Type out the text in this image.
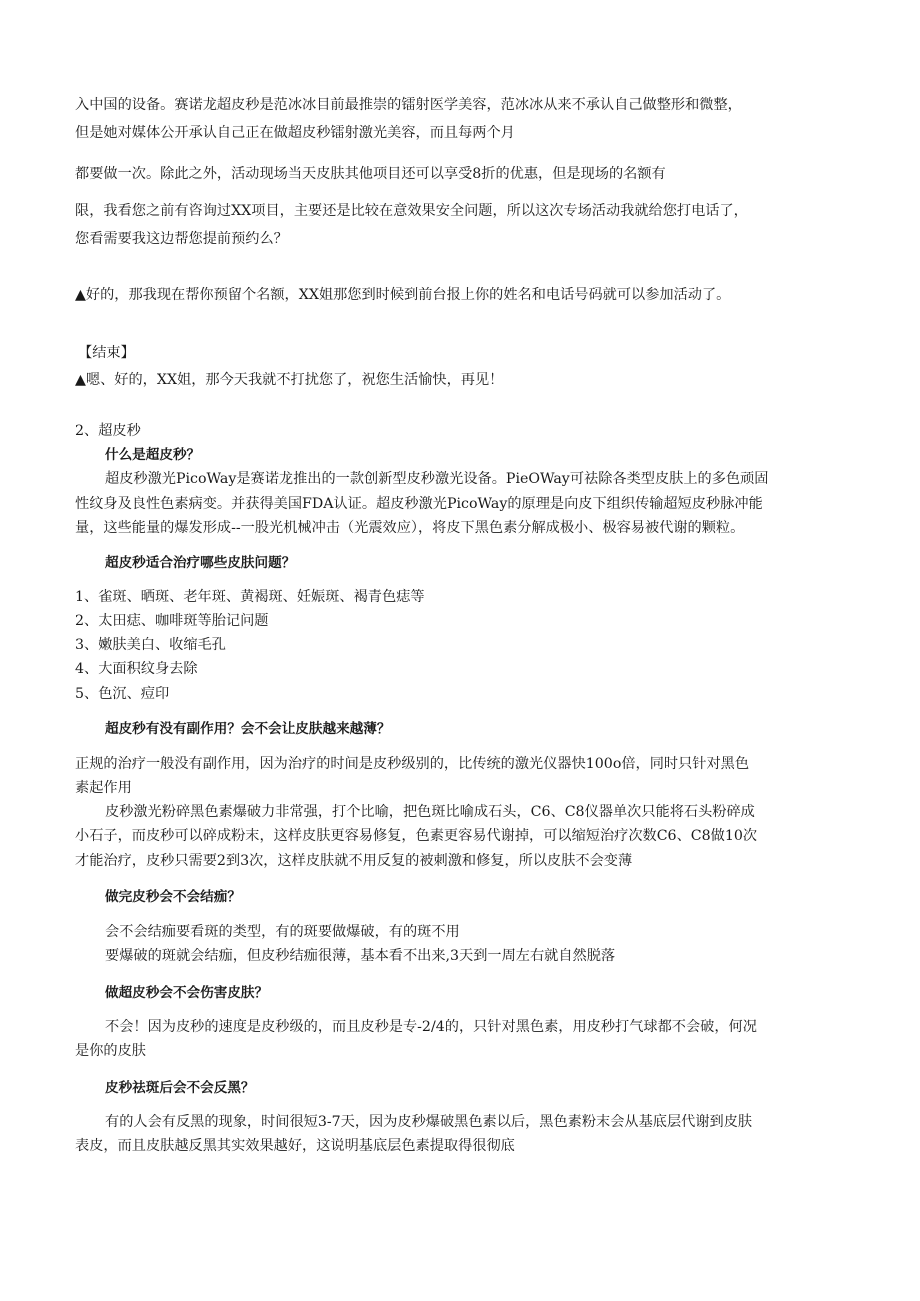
入中国的设备。赛诺龙超皮秒是范冰冰目前最推崇的镭射医学美容，范冰冰从来不承认自己做整形和微整，

但是她对媒体公开承认自己正在做超皮秒镭射激光美容，而且每两个月

都要做一次。除此之外，活动现场当天皮肤其他项目还可以享受8折的优惠，但是现场的名额有

限，我看您之前有咨询过XX项目，主要还是比较在意效果安全问题，所以这次专场活动我就给您打电话了，

您看需要我这边帮您提前预约么？

▲好的，那我现在帮你预留个名额，XX姐那您到时候到前台报上你的姓名和电话号码就可以参加活动了。

【结束】

▲嗯、好的，XX姐，那今天我就不打扰您了，祝您生活愉快，再见！

2、超皮秒

什么是超皮秒？

超皮秒激光PicoWay是赛诺龙推出的一款创新型皮秒激光设备。PieOWay可祛除各类型皮肤上的多色顽固

性纹身及良性色素病变。并获得美国FDA认证。超皮秒激光PicoWay的原理是向皮下组织传输超短皮秒脉冲能

量，这些能量的爆发形成--一股光机械冲击（光震效应），将皮下黑色素分解成极小、极容易被代谢的颗粒。

超皮秒适合治疗哪些皮肤问题？

1、雀斑、晒斑、老年斑、黄褐斑、妊娠斑、褐青色痣等

2、太田痣、咖啡斑等胎记问题

3、嫩肤美白、收缩毛孔

4、大面积纹身去除

5、色沉、痘印

超皮秒有没有副作用？会不会让皮肤越来越薄？

正规的治疗一般没有副作用，因为治疗的时间是皮秒级别的，比传统的激光仪器快100o倍，同时只针对黑色

素起作用

皮秒激光粉碎黑色素爆破力非常强，打个比喻，把色斑比喻成石头，C6、C8仪器单次只能将石头粉碎成

小石子，而皮秒可以碎成粉末，这样皮肤更容易修复，色素更容易代谢掉，可以缩短治疗次数C6、C8做10次

才能治疗，皮秒只需要2到3次，这样皮肤就不用反复的被刺激和修复，所以皮肤不会变薄

做完皮秒会不会结痂？

会不会结痂要看斑的类型，有的斑要做爆破，有的斑不用

要爆破的斑就会结痂，但皮秒结痂很薄，基本看不出来,3天到一周左右就自然脱落

做超皮秒会不会伤害皮肤？

不会！因为皮秒的速度是皮秒级的，而且皮秒是专-2/4的，只针对黑色素，用皮秒打气球都不会破，何况

是你的皮肤

皮秒祛斑后会不会反黑？

有的人会有反黑的现象，时间很短3-7天，因为皮秒爆破黑色素以后，黑色素粉末会从基底层代谢到皮肤

表皮，而且皮肤越反黑其实效果越好，这说明基底层色素提取得很彻底
